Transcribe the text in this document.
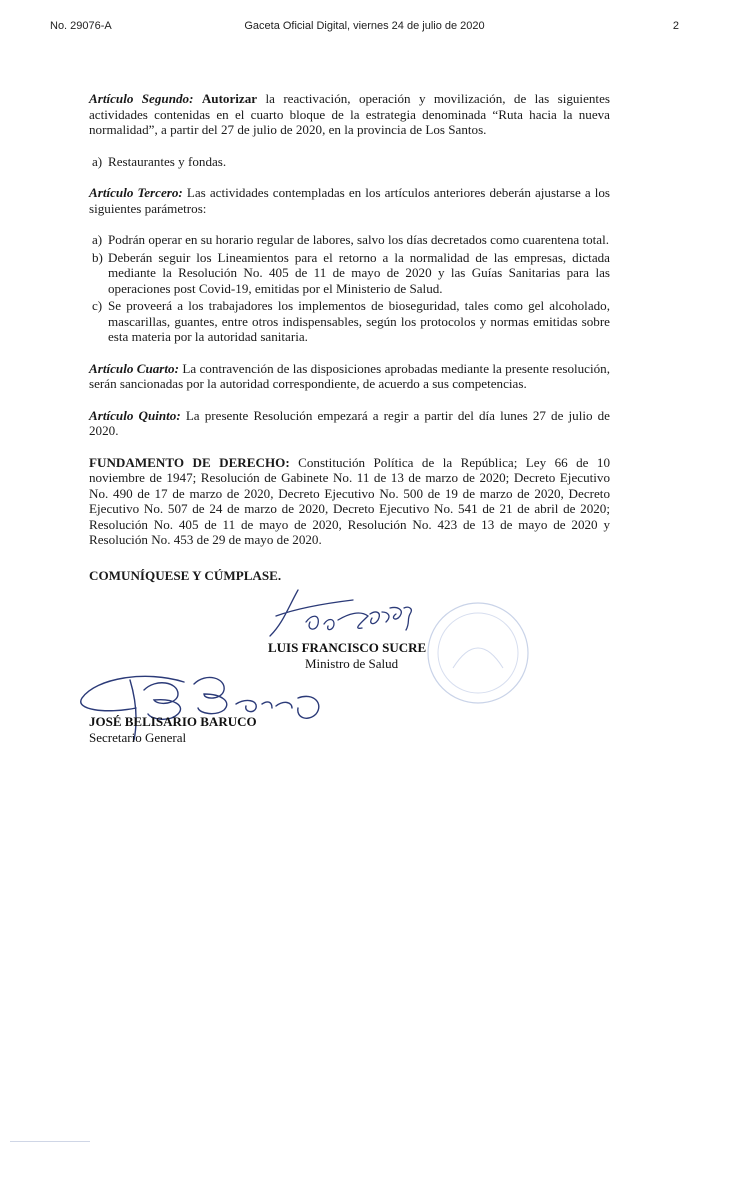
No. 29076-A	Gaceta Oficial Digital, viernes 24 de julio de 2020	2

Artículo Segundo: Autorizar la reactivación, operación y movilización, de las siguientes actividades contenidas en el cuarto bloque de la estrategia denominada “Ruta hacia la nueva normalidad”, a partir del 27 de julio de 2020, en la provincia de Los Santos.

a) Restaurantes y fondas.

Artículo Tercero: Las actividades contempladas en los artículos anteriores deberán ajustarse a los siguientes parámetros:

a) Podrán operar en su horario regular de labores, salvo los días decretados como cuarentena total.
b) Deberán seguir los Lineamientos para el retorno a la normalidad de las empresas, dictada mediante la Resolución No. 405 de 11 de mayo de 2020 y las Guías Sanitarias para las operaciones post Covid-19, emitidas por el Ministerio de Salud.
c) Se proveerá a los trabajadores los implementos de bioseguridad, tales como gel alcoholado, mascarillas, guantes, entre otros indispensables, según los protocolos y normas emitidas sobre esta materia por la autoridad sanitaria.

Artículo Cuarto: La contravención de las disposiciones aprobadas mediante la presente resolución, serán sancionadas por la autoridad correspondiente, de acuerdo a sus competencias.

Artículo Quinto: La presente Resolución empezará a regir a partir del día lunes 27 de julio de 2020.

FUNDAMENTO DE DERECHO: Constitución Política de la República; Ley 66 de 10 noviembre de 1947; Resolución de Gabinete No. 11 de 13 de marzo de 2020; Decreto Ejecutivo No. 490 de 17 de marzo de 2020, Decreto Ejecutivo No. 500 de 19 de marzo de 2020, Decreto Ejecutivo No. 507 de 24 de marzo de 2020, Decreto Ejecutivo No. 541 de 21 de abril de 2020; Resolución No. 405 de 11 de mayo de 2020, Resolución No. 423 de 13 de mayo de 2020 y Resolución No. 453 de 29 de mayo de 2020.

COMUNÍQUESE Y CÚMPLASE.
LUIS FRANCISCO SUCRE
Ministro de Salud
JOSÉ BELISARIO BARUCO
Secretario General
